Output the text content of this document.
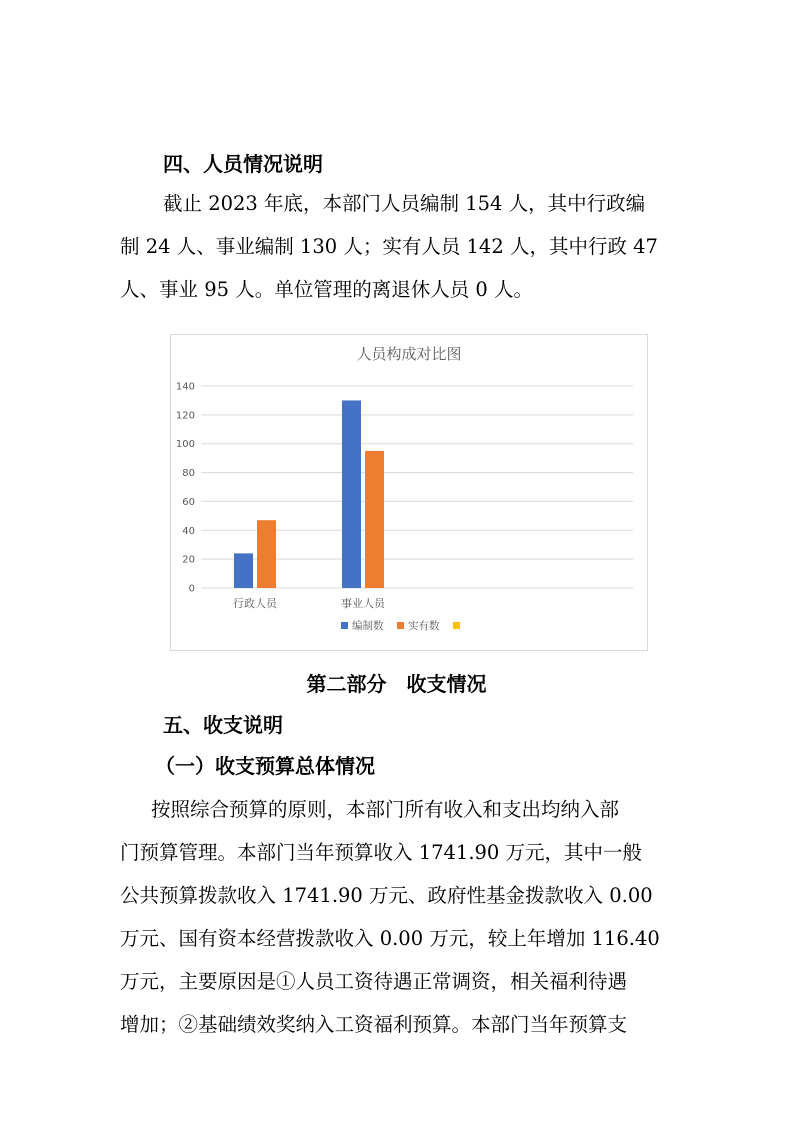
四、人员情况说明
截止 2023 年底，本部门人员编制 154 人，其中行政编
制 24 人、事业编制 130 人；实有人员 142 人，其中行政 47
人、事业 95 人。单位管理的离退休人员 0 人。
人员构成对比图
0
20
40
60
80
100
120
140
行政人员	事业人员
编制数 实有数
第二部分　收支情况
五、收支说明
（一）收支预算总体情况
按照综合预算的原则，本部门所有收入和支出均纳入部
门预算管理。本部门当年预算收入 1741.90 万元，其中一般
公共预算拨款收入 1741.90 万元、政府性基金拨款收入 0.00
万元、国有资本经营拨款收入 0.00 万元，较上年增加 116.40
万元，主要原因是①人员工资待遇正常调资，相关福利待遇
增加；②基础绩效奖纳入工资福利预算。本部门当年预算支
